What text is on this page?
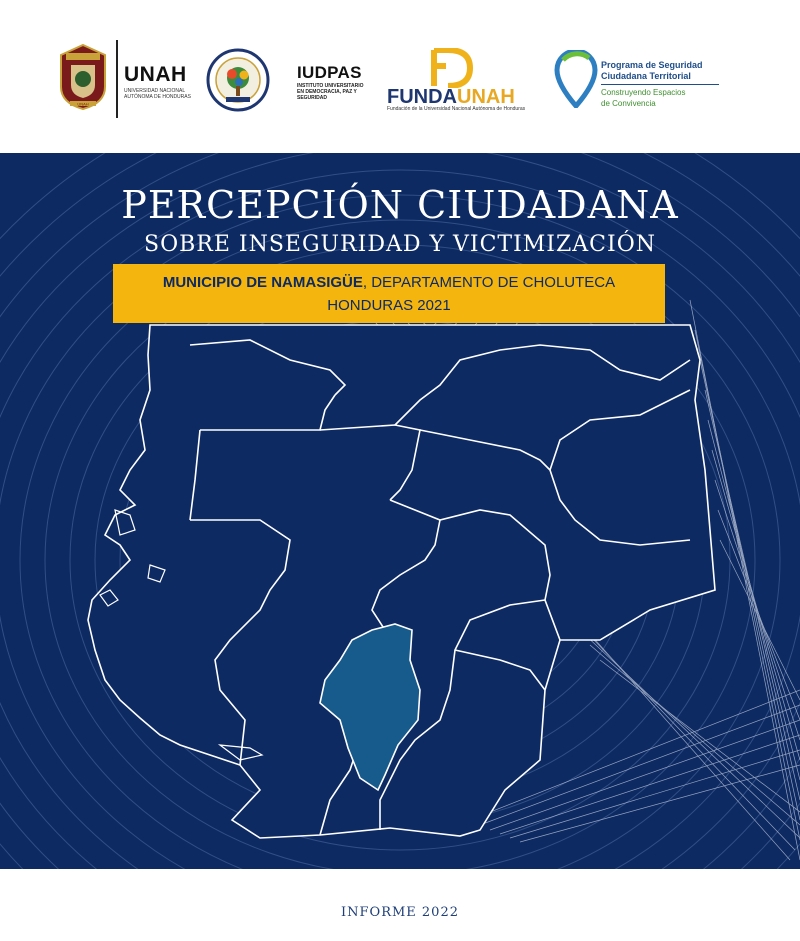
UNAH
UNAH
UNIVERSIDAD NACIONAL AUTÓNOMA DE HONDURAS
IUDPAS
INSTITUTO UNIVERSITARIO EN DEMOCRACIA, PAZ Y SEGURIDAD	FUNDAUNAH
Fundación de la Universidad Nacional Autónoma de Honduras
Programa de Seguridad
Ciudadana Territorial
Construyendo Espacios
de Convivencia
PERCEPCIÓN CIUDADANA
SOBRE INSEGURIDAD Y VICTIMIZACIÓN
MUNICIPIO DE NAMASIGÜE, DEPARTAMENTO DE CHOLUTECA
HONDURAS 2021
INFORME 2022
